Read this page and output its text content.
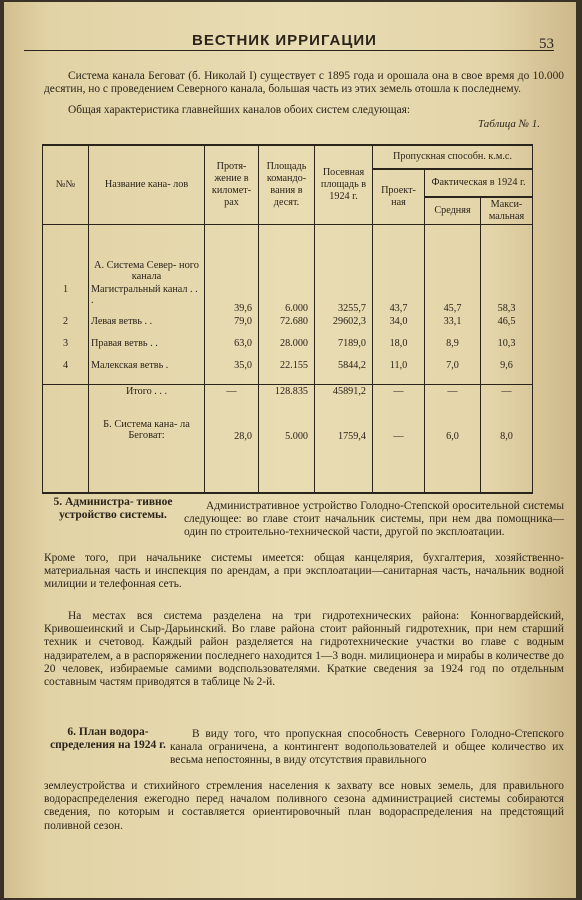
ВЕСТНИК ИРРИГАЦИИ	53
Система канала Беговат (б. Николай I) существует с 1895 года и орошала она в свое время до 10.000 десятин, но с проведением Северного канала, большая часть из этих земель отошла к последнему.
Общая характеристика главнейших каналов обоих систем следующая:
Таблица № 1.
№№	Название кана- лов	Протя- жение в километ- рах	Площадь командо- вания в десят.	Посевная площадь в 1924 г.	Пропускная способн. к.м.с.		
					Проект- ная	Фактическая в 1924 г.	
						Средняя	Макси- мальная
	А. Система Север- ного канала						
1	Магистральный канал . . .	39,6	6.000	3255,7	43,7	45,7	58,3
2	Левая ветвь . .	79,0	72.680	29602,3	34,0	33,1	46,5
3	Правая ветвь . .	63,0	28.000	7189,0	18,0	8,9	10,3
4	Малекская ветвь .	35,0	22.155	5844,2	11,0	7,0	9,6
	Итого . . .	—	128.835	45891,2	—	—	—
	Б. Система кана- ла Беговат:	28,0	5.000	1759,4	—	6,0	8,0
5. Администра- тивное устройство системы.
Административное устройство Голодно-Степской оросительной системы следующее: во главе стоит начальник системы, при нем два помощника—один по строительно-технической части, другой по эксплоатации.
Кроме того, при начальнике системы имеется: общая канцелярия, бухгалтерия, хозяйственно-материальная часть и инспекция по арендам, а при эксплоатации—санитарная часть, начальник водной милиции и телефонная сеть.
На местах вся система разделена на три гидротехнических района: Конногвардейский, Кривошеинский и Сыр-Дарьинский. Во главе района стоит районный гидротехник, при нем старший техник и счетовод. Каждый район разделяется на гидротехнические участки во главе с водным надзирателем, а в распоряжении последнего находится 1—3 водн. милиционера и мирабы в количестве до 20 человек, избираемые самими водспользователями. Краткие сведения за 1924 год по отдельным составным частям приводятся в таблице № 2-й.
6. План водора- спределения на 1924 г.
В виду того, что пропускная способность Северного Голодно-Степского канала ограничена, а контингент водопользователей и общее количество их весьма непостоянны, в виду отсутствия правильного
землеустройства и стихийного стремления населения к захвату все новых земель, для правильного водораспределения ежегодно перед началом поливного сезона администрацией системы собираются сведения, по которым и составляется ориентировочный план водораспределения на предстоящий поливной сезон.
